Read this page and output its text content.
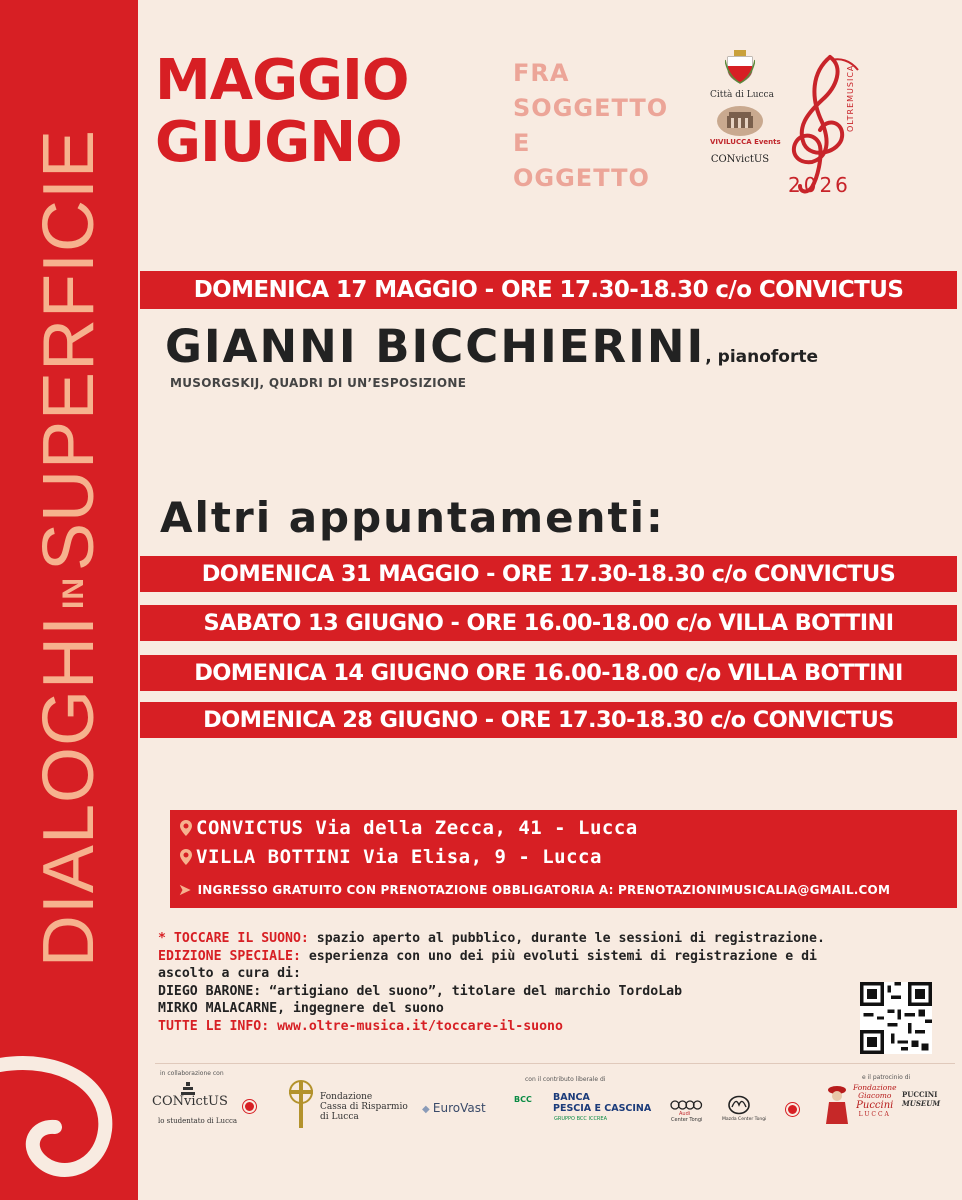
DIALOGHIINSUPERFICIE
MAGGIO
GIUGNO
FRA
SOGGETTO
E
OGGETTO
Città di Lucca
VIVILUCCA Events
CONvictUS
OLTREMUSICA
2026
DOMENICA 17 MAGGIO - ORE 17.30-18.30 c/o CONVICTUS
GIANNI BICCHIERINI, pianoforte
MUSORGSKIJ, QUADRI DI UN’ESPOSIZIONE
Altri appuntamenti:
DOMENICA 31 MAGGIO - ORE 17.30-18.30 c/o CONVICTUS
SABATO 13 GIUGNO - ORE 16.00-18.00 c/o VILLA BOTTINI
DOMENICA 14 GIUGNO ORE 16.00-18.00 c/o VILLA BOTTINI
DOMENICA 28 GIUGNO - ORE 17.30-18.30 c/o CONVICTUS
CONVICTUS Via della Zecca, 41 - Lucca
VILLA BOTTINI Via Elisa, 9 - Lucca
➤ INGRESSO GRATUITO CON PRENOTAZIONE OBBLIGATORIA A: PRENOTAZIONIMUSICALIA@GMAIL.COM

* TOCCARE IL SUONO: spazio aperto al pubblico, durante le sessioni di registrazione.

EDIZIONE SPECIALE: esperienza con uno dei più evoluti sistemi di registrazione e di

ascolto a cura di:

DIEGO BARONE: “artigiano del suono”, titolare del marchio TordoLab

MIRKO MALACARNE, ingegnere del suono

TUTTE LE INFO: www.oltre-musica.it/toccare-il-suono

in collaborazione con
CONvictUS
lo studentato di Lucca
Fondazione
Cassa di Risparmio
di Lucca
◆ EuroVast
con il contributo liberale di
BCC BANCA
PESCIA E CASCINA
GRUPPO BCC ICCREA
Audi
Center Tongi	Mazda Center Tongi
e il patrocinio di
Fondazione
Giacomo
Puccini
LUCCA
PUCCINI
MUSEUM
